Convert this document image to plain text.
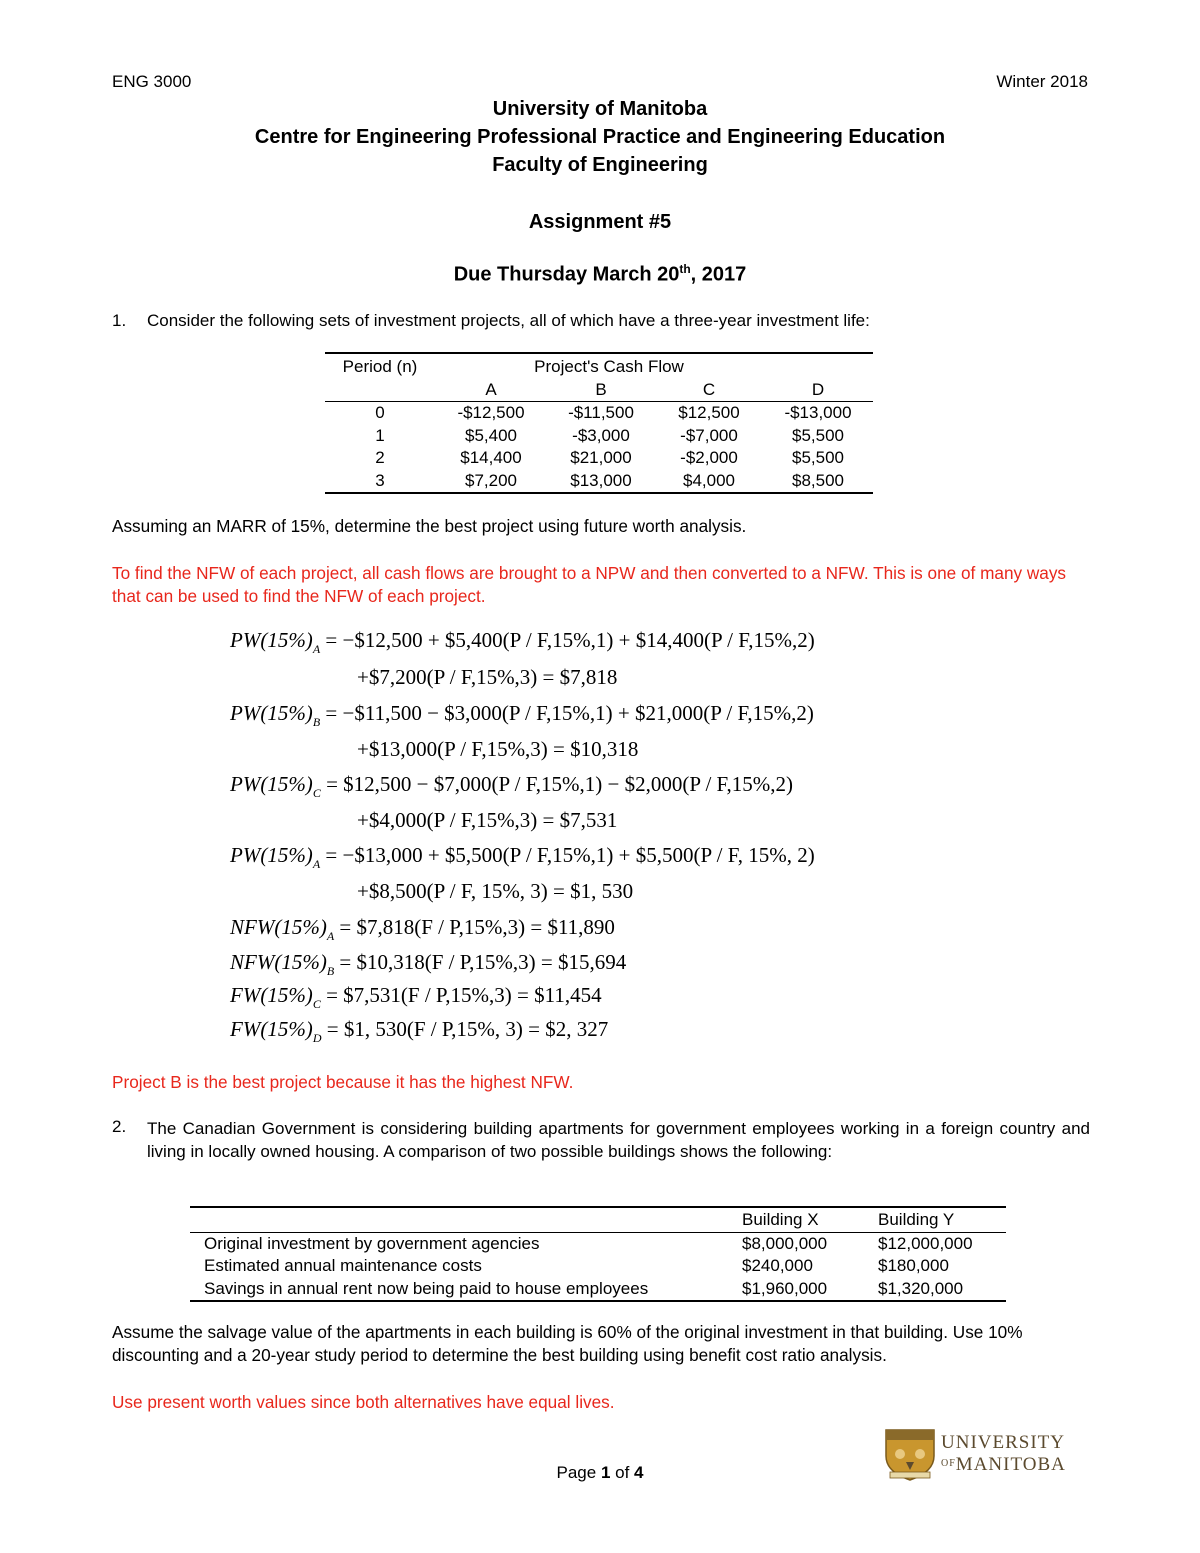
ENG 3000	Winter 2018
University of Manitoba
Centre for Engineering Professional Practice and Engineering Education
Faculty of Engineering
Assignment #5
Due Thursday March 20th, 2017
1. Consider the following sets of investment projects, all of which have a three-year investment life:
Period (n)	Project's Cash Flow			
	A	B	C	D
0	-$12,500	-$11,500	$12,500	-$13,000
1	$5,400	-$3,000	-$7,000	$5,500
2	$14,400	$21,000	-$2,000	$5,500
3	$7,200	$13,000	$4,000	$8,500
Assuming an MARR of 15%, determine the best project using future worth analysis.
To find the NFW of each project, all cash flows are brought to a NPW and then converted to a NFW. This is one of many ways that can be used to find the NFW of each project.
$PW(15\%)_A$ = −$12,500 + $5,400(P / F,15%,1) + $14,400(P / F,15%,2)
+$7,200(P / F,15%,3) = $7,818
$PW(15\%)_B$ = −$11,500 − $3,000(P / F,15%,1) + $21,000(P / F,15%,2)
+$13,000(P / F,15%,3) = $10,318
$PW(15\%)_C$ = $12,500 − $7,000(P / F,15%,1) − $2,000(P / F,15%,2)
+$4,000(P / F,15%,3) = $7,531
$PW(15\%)_A$ = −$13,000 + $5,500(P / F,15%,1) + $5,500(P / F, 15%, 2)
+$8,500(P / F, 15%, 3) = $1, 530
$NFW(15\%)_A$ = $7,818(F / P,15%,3) = $11,890
$NFW(15\%)_B$ = $10,318(F / P,15%,3) = $15,694
$FW(15\%)_C$ = $7,531(F / P,15%,3) = $11,454
$FW(15\%)_D$ = $1, 530(F / P,15%, 3) = $2, 327
Project B is the best project because it has the highest NFW.
2. The Canadian Government is considering building apartments for government employees working in a foreign country and living in locally owned housing. A comparison of two possible buildings shows the following:
	Building X	Building Y
Original investment by government agencies	$8,000,000	$12,000,000
Estimated annual maintenance costs	$240,000	$180,000
Savings in annual rent now being paid to house employees	$1,960,000	$1,320,000
Assume the salvage value of the apartments in each building is 60% of the original investment in that building. Use 10% discounting and a 20-year study period to determine the best building using benefit cost ratio analysis.
Use present worth values since both alternatives have equal lives.
Page 1 of 4
UNIVERSITY
$^{OF}$MANITOBA
